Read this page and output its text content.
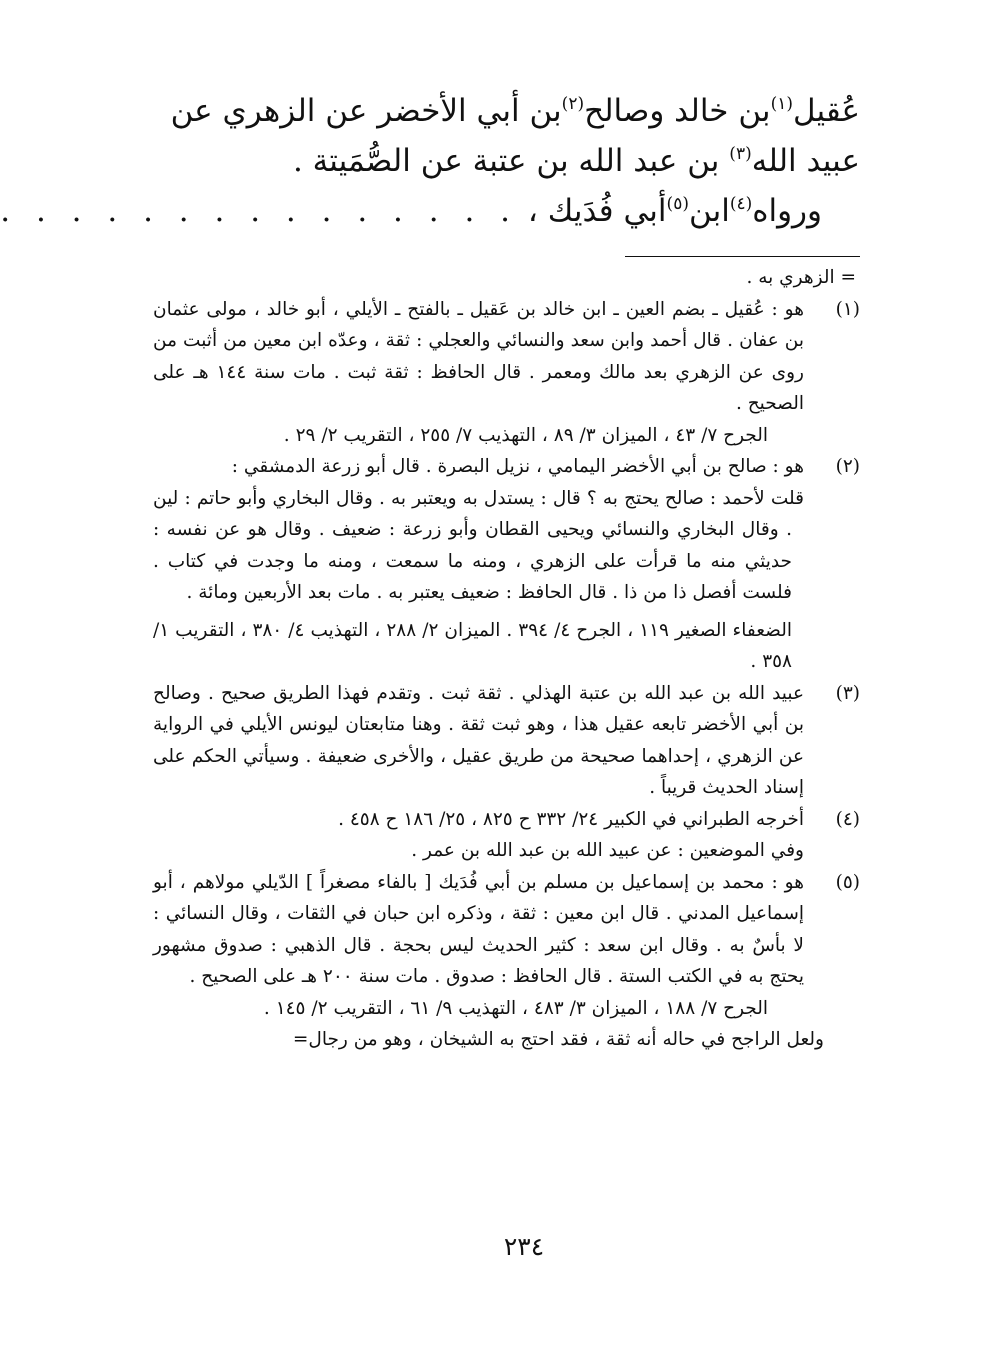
عُقيل$^{(١)}$بن خالد وصالح$^{(٢)}$بن أبي الأخضر عن الزهري عن
عبيد الله$^{(٣)}$ بن عبد الله بن عتبة عن الصُّمَيتة .
ورواه$^{(٤)}$ابن$^{(٥)}$أبي فُدَيك ، . . . . . . . . . . . . . . .
= الزهري به .
(١)
هو : عُقيل ـ بضم العين ـ ابن خالد بن عَقيل ـ بالفتح ـ الأيلي ، أبو خالد ، مولى عثمان بن عفان . قال أحمد وابن سعد والنسائي والعجلي : ثقة ، وعدّه ابن معين من أثبت من روى عن الزهري بعد مالك ومعمر . قال الحافظ : ثقة ثبت . مات سنة ١٤٤ هـ على الصحيح .
الجرح ٧/ ٤٣ ، الميزان ٣/ ٨٩ ، التهذيب ٧/ ٢٥٥ ، التقريب ٢/ ٢٩ .
(٢)
هو : صالح بن أبي الأخضر اليمامي ، نزيل البصرة . قال أبو زرعة الدمشقي :
قلت لأحمد : صالح يحتج به ؟ قال : يستدل به ويعتبر به . وقال البخاري وأبو حاتم : لين . وقال البخاري والنسائي ويحيى القطان وأبو زرعة : ضعيف . وقال هو عن نفسه : حديثي منه ما قرأت على الزهري ، ومنه ما سمعت ، ومنه ما وجدت في كتاب . فلست أفصل ذا من ذا . قال الحافظ : ضعيف يعتبر به . مات بعد الأربعين ومائة .
الضعفاء الصغير ١١٩ ، الجرح ٤/ ٣٩٤ . الميزان ٢/ ٢٨٨ ، التهذيب ٤/ ٣٨٠ ، التقريب ١/ ٣٥٨ .
(٣)
عبيد الله بن عبد الله بن عتبة الهذلي . ثقة ثبت . وتقدم فهذا الطريق صحيح . وصالح بن أبي الأخضر تابعه عقيل هذا ، وهو ثبت ثقة . وهنا متابعتان ليونس الأيلي في الرواية عن الزهري ، إحداهما صحيحة من طريق عقيل ، والأخرى ضعيفة . وسيأتي الحكم على إسناد الحديث قريباً .
(٤)
أخرجه الطبراني في الكبير ٢٤/ ٣٣٢ ح ٨٢٥ ، ٢٥/ ١٨٦ ح ٤٥٨ .
وفي الموضعين : عن عبيد الله بن عبد الله بن عمر .
(٥)
هو : محمد بن إسماعيل بن مسلم بن أبي فُدَيك [ بالفاء مصغراً ] الدّيلي مولاهم ، أبو إسماعيل المدني . قال ابن معين : ثقة ، وذكره ابن حبان في الثقات ، وقال النسائي : لا بأسٌ به . وقال ابن سعد : كثير الحديث ليس بحجة . قال الذهبي : صدوق مشهور يحتج به في الكتب الستة . قال الحافظ : صدوق . مات سنة ٢٠٠ هـ على الصحيح .
الجرح ٧/ ١٨٨ ، الميزان ٣/ ٤٨٣ ، التهذيب ٩/ ٦١ ، التقريب ٢/ ١٤٥ .
ولعل الراجح في حاله أنه ثقة ، فقد احتج به الشيخان ، وهو من رجال=
٢٣٤
